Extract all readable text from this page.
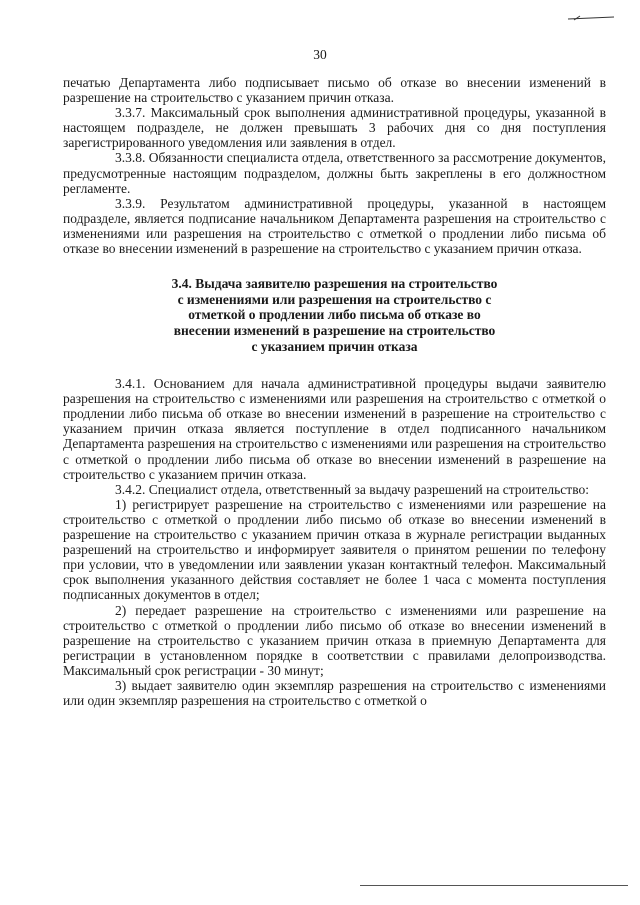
30

печатью Департамента либо подписывает письмо об отказе во внесении изменений в разрешение на строительство с указанием причин отказа.

3.3.7. Максимальный срок выполнения административной процедуры, указанной в настоящем подразделе, не должен превышать 3 рабочих дня со дня поступления зарегистрированного уведомления или заявления в отдел.

3.3.8. Обязанности специалиста отдела, ответственного за рассмотрение документов, предусмотренные настоящим подразделом, должны быть закреплены в его должностном регламенте.

3.3.9. Результатом административной процедуры, указанной в настоящем подразделе, является подписание начальником Департамента разрешения на строительство с изменениями или разрешения на строительство с отметкой о продлении либо письма об отказе во внесении изменений в разрешение на строительство с указанием причин отказа.

3.4. Выдача заявителю разрешения на строительство
с изменениями или разрешения на строительство с
отметкой о продлении либо письма об отказе во
внесении изменений в разрешение на строительство
с указанием причин отказа

3.4.1. Основанием для начала административной процедуры выдачи заявителю разрешения на строительство с изменениями или разрешения на строительство с отметкой о продлении либо письма об отказе во внесении изменений в разрешение на строительство с указанием причин отказа является поступление в отдел подписанного начальником Департамента разрешения на строительство с изменениями или разрешения на строительство с отметкой о продлении либо письма об отказе во внесении изменений в разрешение на строительство с указанием причин отказа.

3.4.2. Специалист отдела, ответственный за выдачу разрешений на строительство:

1) регистрирует разрешение на строительство с изменениями или разрешение на строительство с отметкой о продлении либо письмо об отказе во внесении изменений в разрешение на строительство с указанием причин отказа в журнале регистрации выданных разрешений на строительство и информирует заявителя о принятом решении по телефону при условии, что в уведомлении или заявлении указан контактный телефон. Максимальный срок выполнения указанного действия составляет не более 1 часа с момента поступления подписанных документов в отдел;

2) передает разрешение на строительство с изменениями или разрешение на строительство с отметкой о продлении либо письмо об отказе во внесении изменений в разрешение на строительство с указанием причин отказа в приемную Департамента для регистрации в установленном порядке в соответствии с правилами делопроизводства. Максимальный срок регистрации - 30 минут;

3) выдает заявителю один экземпляр разрешения на строительство с изменениями или один экземпляр разрешения на строительство с отметкой о
